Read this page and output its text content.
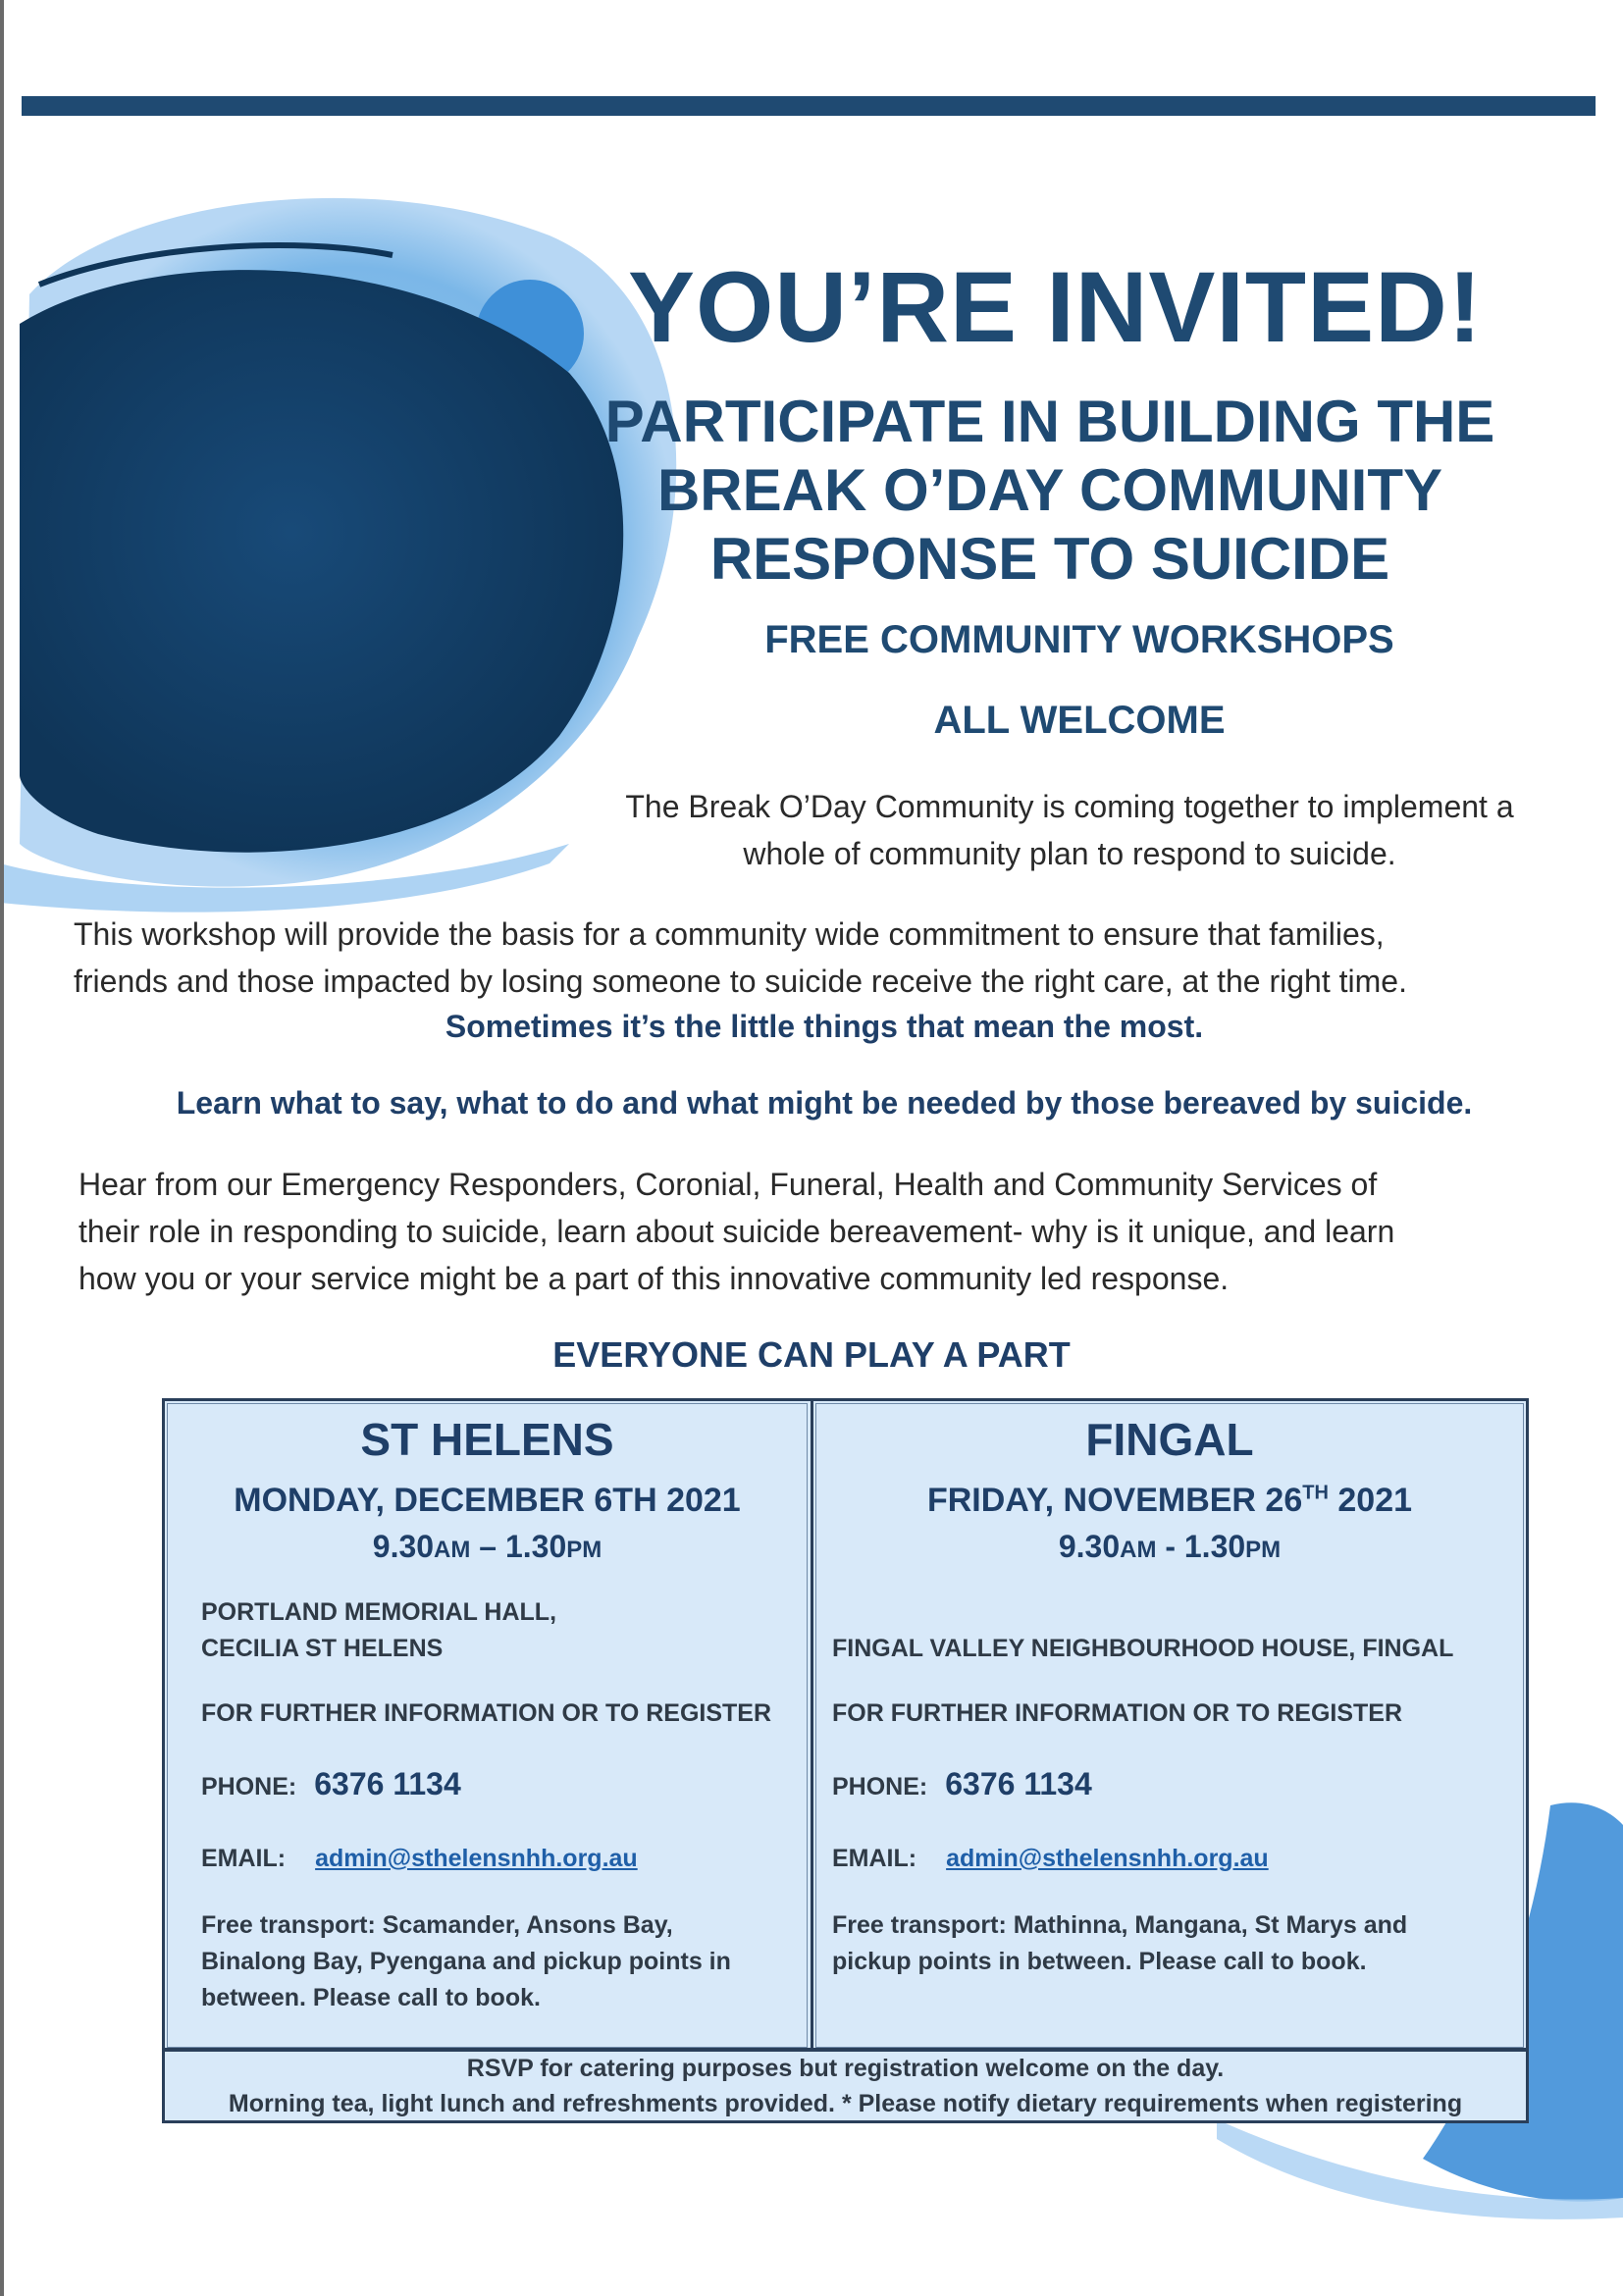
YOU’RE INVITED!
PARTICIPATE IN BUILDING THE
BREAK O’DAY COMMUNITY
RESPONSE TO SUICIDE
FREE COMMUNITY WORKSHOPS
ALL WELCOME
The Break O’Day Community is coming together to implement a
whole of community plan to respond to suicide.
This workshop will provide the basis for a community wide commitment to ensure that families,
friends and those impacted by losing someone to suicide receive the right care, at the right time.
Sometimes it’s the little things that mean the most.
Learn what to say, what to do and what might be needed by those bereaved by suicide.
Hear from our Emergency Responders, Coronial, Funeral, Health and Community Services of
their role in responding to suicide, learn about suicide bereavement- why is it unique, and learn
how you or your service might be a part of this innovative community led response.
EVERYONE CAN PLAY A PART
ST HELENS
MONDAY, DECEMBER 6TH 2021
9.30AM – 1.30PM
PORTLAND MEMORIAL HALL,
CECILIA ST HELENS
FOR FURTHER INFORMATION OR TO REGISTER
PHONE: 6376 1134
EMAIL: admin@sthelensnhh.org.au
Free transport: Scamander, Ansons Bay,
Binalong Bay, Pyengana and pickup points in
between. Please call to book.
FINGAL
FRIDAY, NOVEMBER 26TH 2021
9.30AM - 1.30PM
FINGAL VALLEY NEIGHBOURHOOD HOUSE, FINGAL
FOR FURTHER INFORMATION OR TO REGISTER
PHONE: 6376 1134
EMAIL: admin@sthelensnhh.org.au
Free transport: Mathinna, Mangana, St Marys and
pickup points in between. Please call to book.
RSVP for catering purposes but registration welcome on the day.
Morning tea, light lunch and refreshments provided. * Please notify dietary requirements when registering
